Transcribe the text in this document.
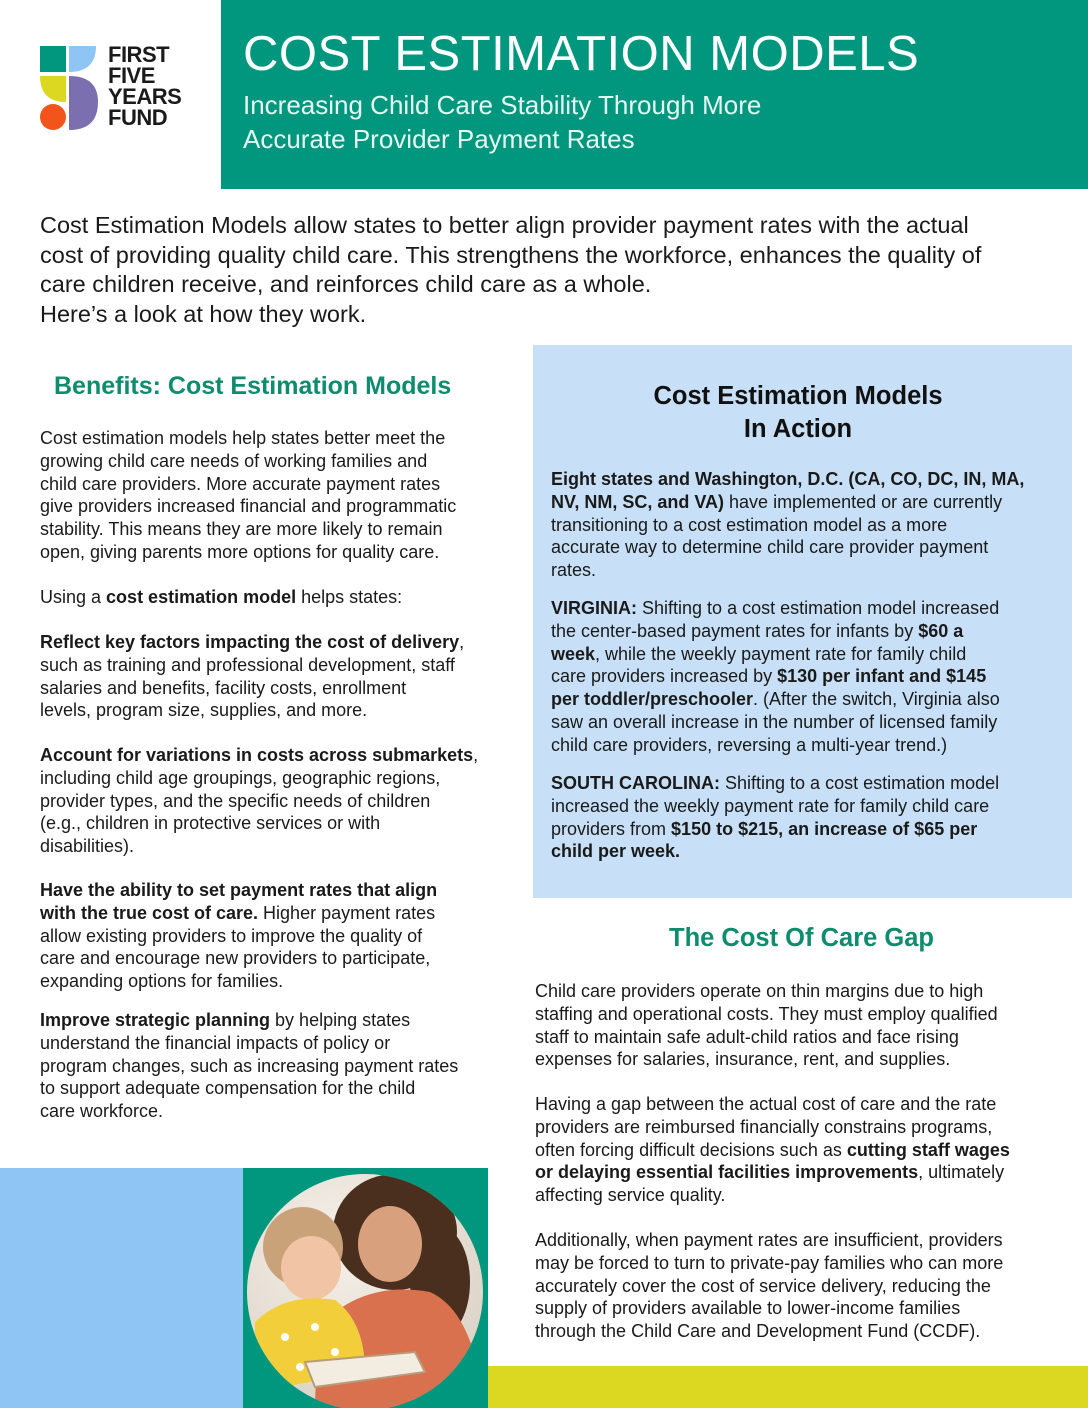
FIRST
FIVE
YEARS
FUND
COST ESTIMATION MODELS
Increasing Child Care Stability Through More
Accurate Provider Payment Rates
Cost Estimation Models allow states to better align provider payment rates with the actual
cost of providing quality child care. This strengthens the workforce, enhances the quality of
care children receive, and reinforces child care as a whole.
Here’s a look at how they work.
Benefits: Cost Estimation Models
Cost estimation models help states better meet the
growing child care needs of working families and
child care providers. More accurate payment rates
give providers increased financial and programmatic
stability. This means they are more likely to remain
open, giving parents more options for quality care.
Using a cost estimation model helps states:
Reflect key factors impacting the cost of delivery,
such as training and professional development, staff
salaries and benefits, facility costs, enrollment
levels, program size, supplies, and more.
Account for variations in costs across submarkets,
including child age groupings, geographic regions,
provider types, and the specific needs of children
(e.g., children in protective services or with
disabilities).
Have the ability to set payment rates that align
with the true cost of care. Higher payment rates
allow existing providers to improve the quality of
care and encourage new providers to participate,
expanding options for families.
Improve strategic planning by helping states
understand the financial impacts of policy or
program changes, such as increasing payment rates
to support adequate compensation for the child
care workforce.
Cost Estimation Models
In Action
Eight states and Washington, D.C. (CA, CO, DC, IN, MA,
NV, NM, SC, and VA) have implemented or are currently
transitioning to a cost estimation model as a more
accurate way to determine child care provider payment
rates.
VIRGINIA: Shifting to a cost estimation model increased
the center-based payment rates for infants by $60 a
week, while the weekly payment rate for family child
care providers increased by $130 per infant and $145
per toddler/preschooler. (After the switch, Virginia also
saw an overall increase in the number of licensed family
child care providers, reversing a multi-year trend.)
SOUTH CAROLINA: Shifting to a cost estimation model
increased the weekly payment rate for family child care
providers from $150 to $215, an increase of $65 per
child per week.
The Cost Of Care Gap
Child care providers operate on thin margins due to high
staffing and operational costs. They must employ qualified
staff to maintain safe adult-child ratios and face rising
expenses for salaries, insurance, rent, and supplies.
Having a gap between the actual cost of care and the rate
providers are reimbursed financially constrains programs,
often forcing difficult decisions such as cutting staff wages
or delaying essential facilities improvements, ultimately
affecting service quality.
Additionally, when payment rates are insufficient, providers
may be forced to turn to private-pay families who can more
accurately cover the cost of service delivery, reducing the
supply of providers available to lower-income families
through the Child Care and Development Fund (CCDF).
